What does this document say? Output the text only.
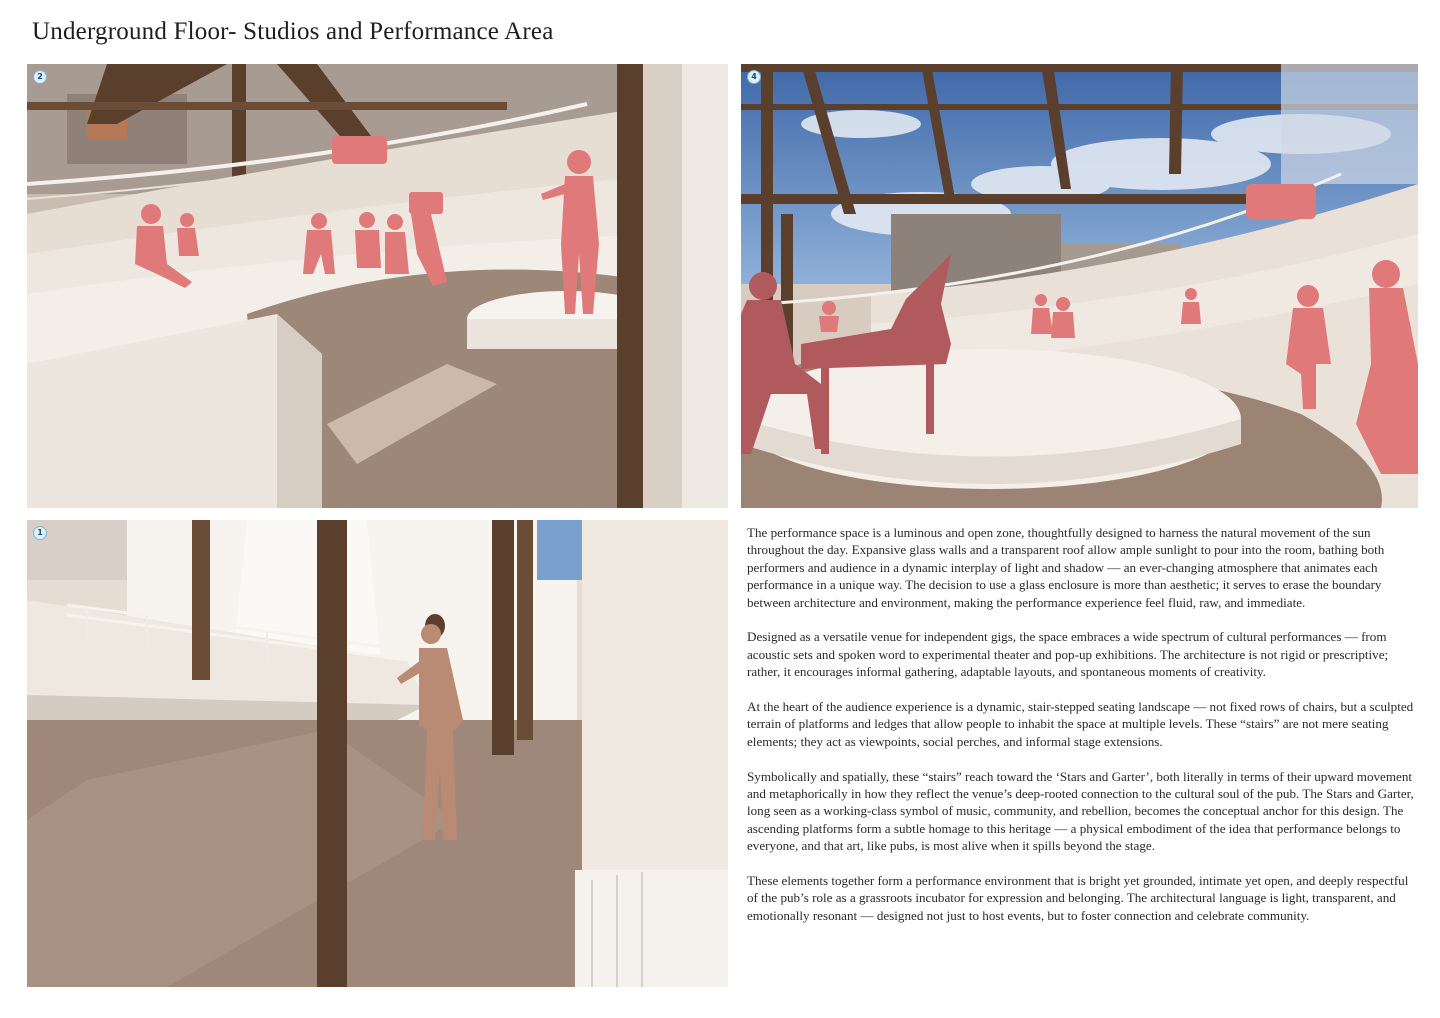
Underground Floor- Studios and Performance Area
2	4
1	The performance space is a luminous and open zone, thoughtfully designed to harness the natural movement of the sun throughout the day. Expansive glass walls and a transparent roof allow ample sunlight to pour into the room, bathing both performers and audience in a dynamic interplay of light and shadow — an ever-changing atmosphere that animates each performance in a unique way. The decision to use a glass enclosure is more than aesthetic; it serves to erase the boundary between architecture and environment, making the performance experience feel fluid, raw, and immediate.

Designed as a versatile venue for independent gigs, the space embraces a wide spectrum of cultural performances — from acoustic sets and spoken word to experimental theater and pop-up exhibitions. The architecture is not rigid or prescriptive; rather, it encourages informal gathering, adaptable layouts, and spontaneous moments of creativity.

At the heart of the audience experience is a dynamic, stair-stepped seating landscape — not fixed rows of chairs, but a sculpted terrain of platforms and ledges that allow people to inhabit the space at multiple levels. These “stairs” are not mere seating elements; they act as viewpoints, social perches, and informal stage extensions.

Symbolically and spatially, these “stairs” reach toward the ‘Stars and Garter’, both literally in terms of their upward movement and metaphorically in how they reflect the venue’s deep-rooted connection to the cultural soul of the pub. The Stars and Garter, long seen as a working-class symbol of music, community, and rebellion, becomes the conceptual anchor for this design. The ascending platforms form a subtle homage to this heritage — a physical embodiment of the idea that performance belongs to everyone, and that art, like pubs, is most alive when it spills beyond the stage.

These elements together form a performance environment that is bright yet grounded, intimate yet open, and deeply respectful of the pub’s role as a grassroots incubator for expression and belonging. The architectural language is light, transparent, and emotionally resonant — designed not just to host events, but to foster connection and celebrate community.
